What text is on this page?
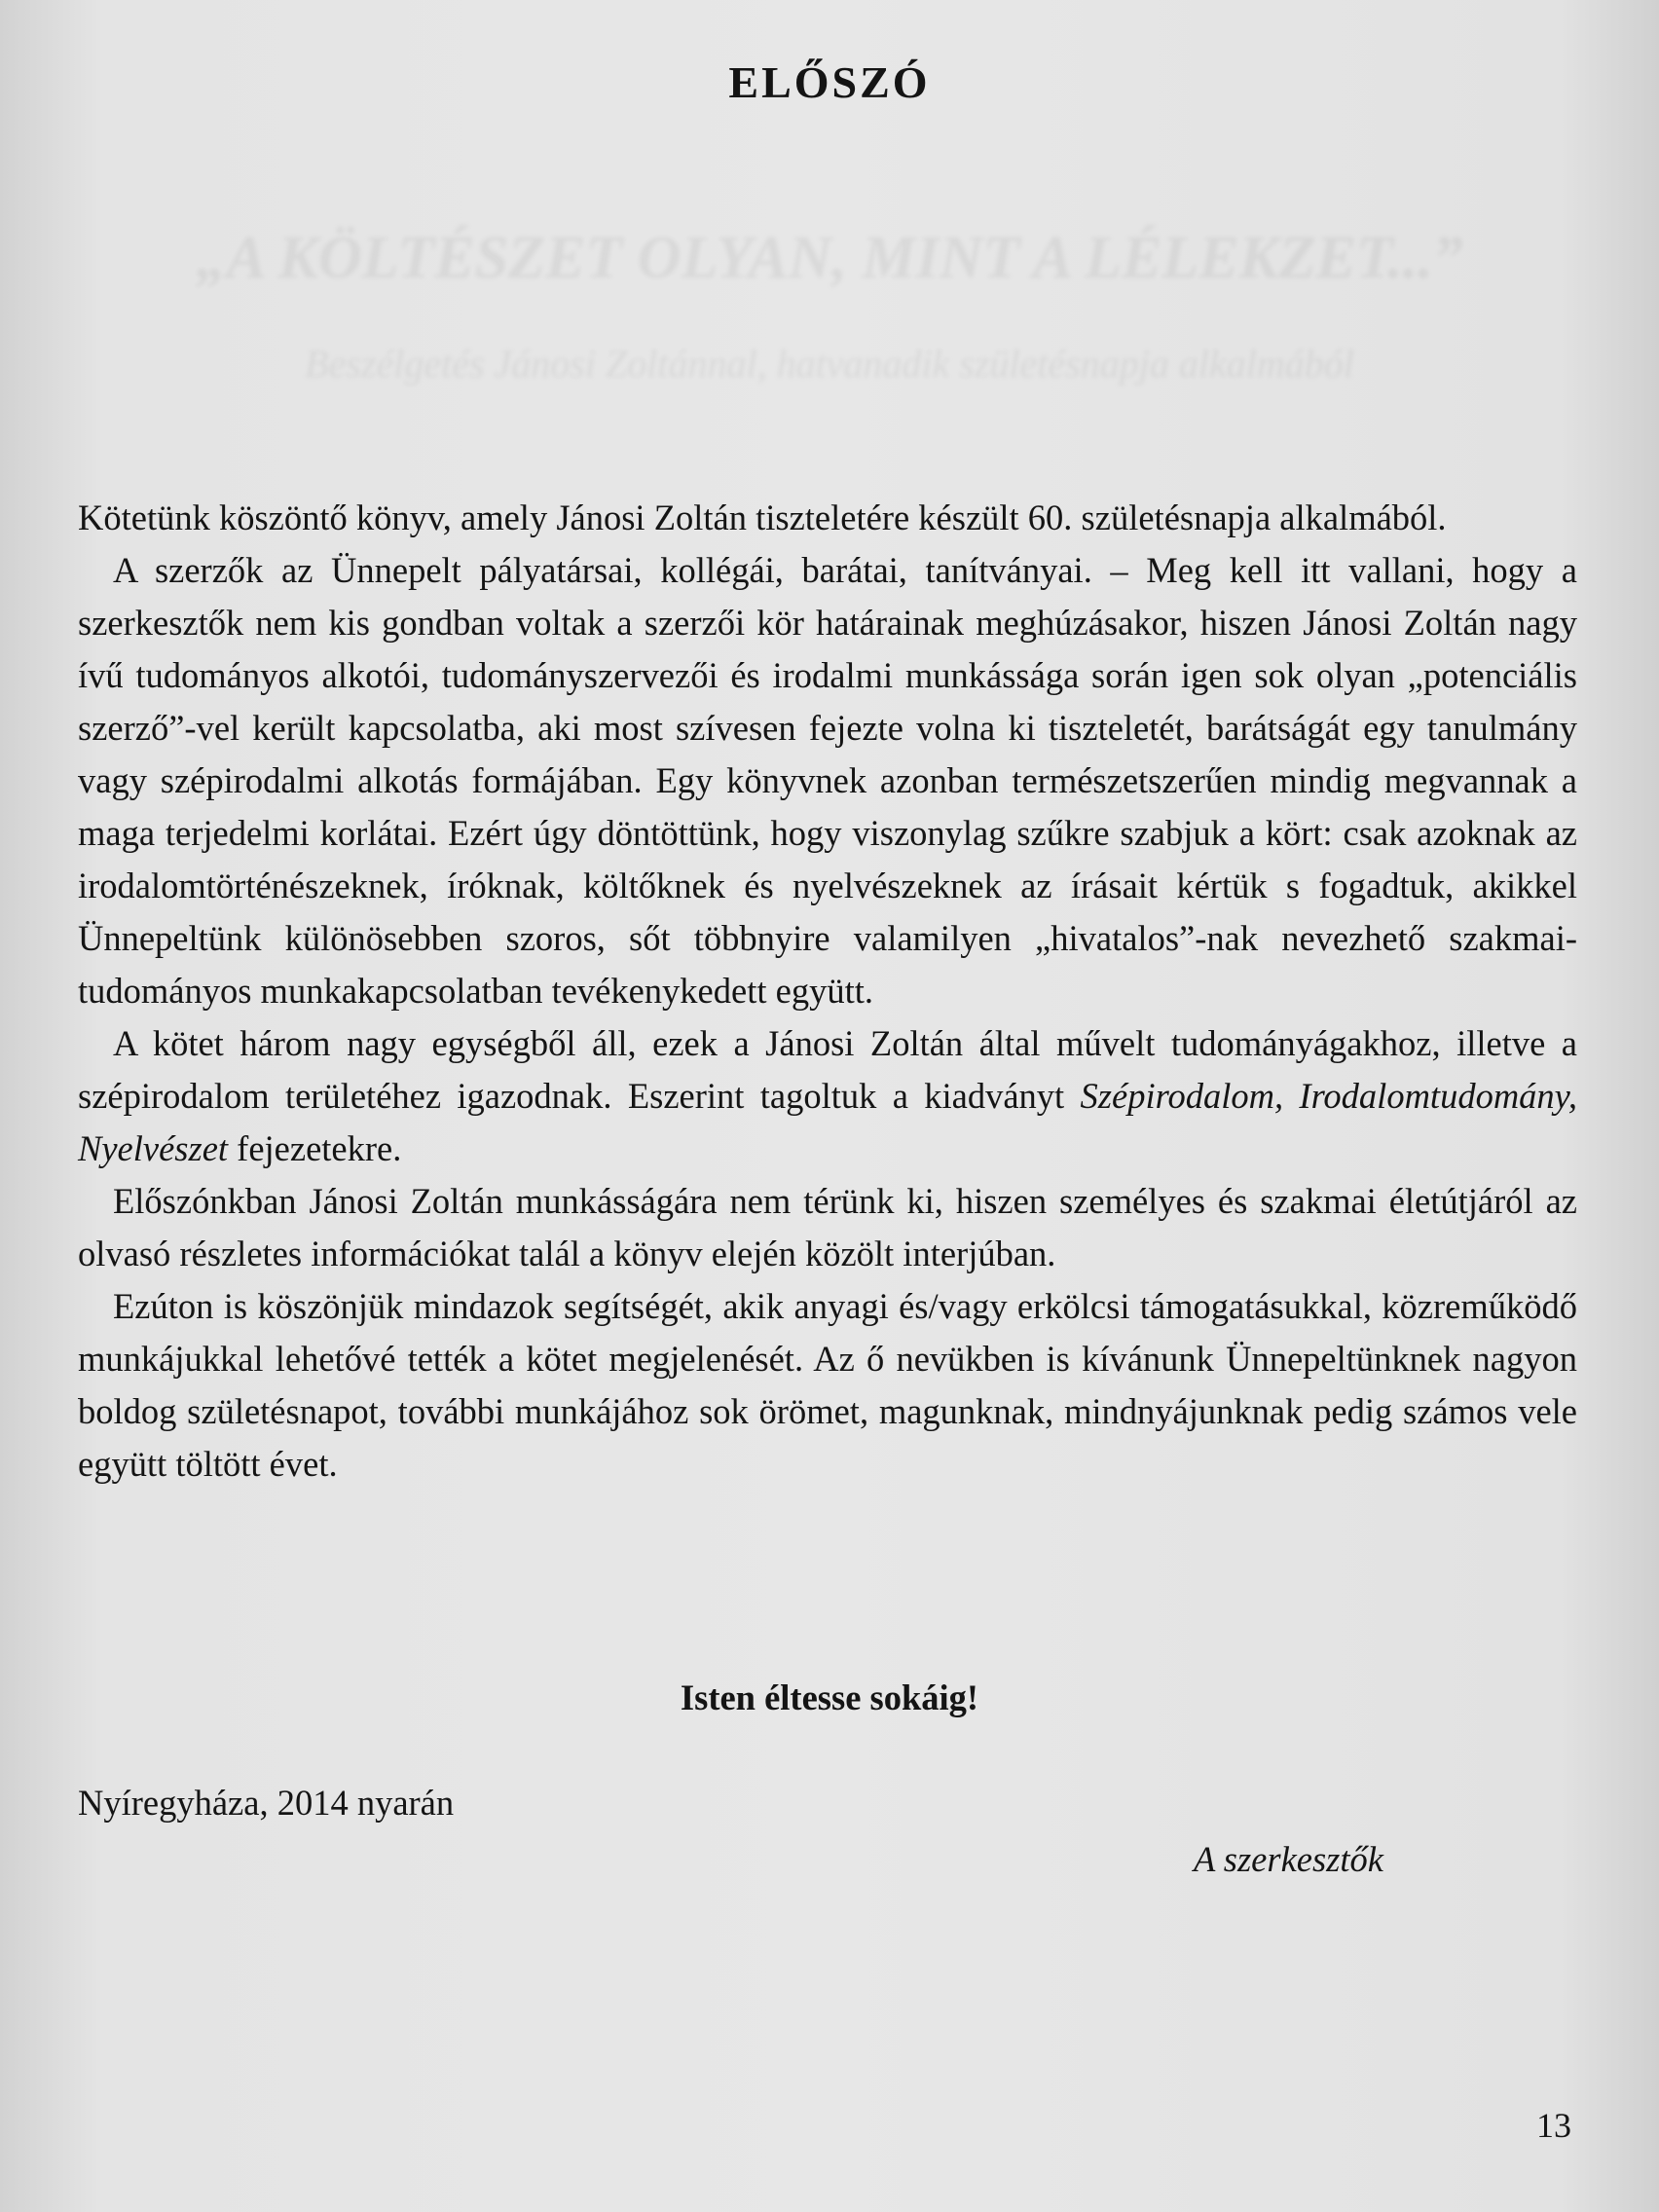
„A KÖLTÉSZET OLYAN, MINT A LÉLEKZET...”
Beszélgetés Jánosi Zoltánnal, hatvanadik születésnapja alkalmából
ELŐSZÓ

Kötetünk köszöntő könyv, amely Jánosi Zoltán tiszteletére készült 60. születésnapja alkalmából.

A szerzők az Ünnepelt pályatársai, kollégái, barátai, tanítványai. – Meg kell itt vallani, hogy a szerkesztők nem kis gondban voltak a szerzői kör határainak meghúzásakor, hiszen Jánosi Zoltán nagy ívű tudományos alkotói, tudományszervezői és irodalmi munkássága során igen sok olyan „potenciális szerző”-vel került kapcsolatba, aki most szívesen fejezte volna ki tiszteletét, barátságát egy tanulmány vagy szépirodalmi alkotás formájában. Egy könyvnek azonban természetszerűen mindig megvannak a maga terjedelmi korlátai. Ezért úgy döntöttünk, hogy viszonylag szűkre szabjuk a kört: csak azoknak az irodalomtörténészeknek, íróknak, költőknek és nyelvészeknek az írásait kértük s fogadtuk, akikkel Ünnepeltünk különösebben szoros, sőt többnyire valamilyen „hivatalos”-nak nevezhető szakmai-tudományos munkakapcsolatban tevékenykedett együtt.

A kötet három nagy egységből áll, ezek a Jánosi Zoltán által művelt tudományágakhoz, illetve a szépirodalom területéhez igazodnak. Eszerint tagoltuk a kiadványt Szépirodalom, Irodalomtudomány, Nyelvészet fejezetekre.

Előszónkban Jánosi Zoltán munkásságára nem térünk ki, hiszen személyes és szakmai életútjáról az olvasó részletes információkat talál a könyv elején közölt interjúban.

Ezúton is köszönjük mindazok segítségét, akik anyagi és/vagy erkölcsi támogatásukkal, közreműködő munkájukkal lehetővé tették a kötet megjelenését. Az ő nevükben is kívánunk Ünnepeltünknek nagyon boldog születésnapot, további munkájához sok örömet, magunknak, mindnyájunknak pedig számos vele együtt töltött évet.

Isten éltesse sokáig!
Nyíregyháza, 2014 nyarán
A szerkesztők
13
